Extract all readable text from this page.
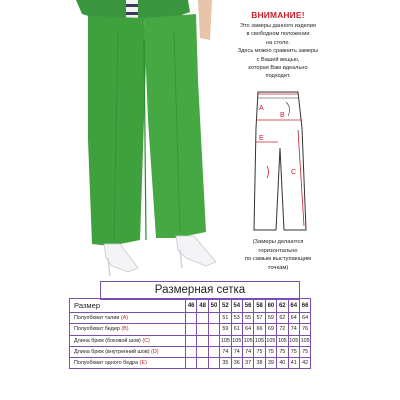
ВНИМАНИЕ!
Это замеры данного изделия
в свободном положении
на столе.
Здесь можно сравнить замеры
с Вашей вещью,
которая Вам идеально
подходит.
A
B
E
C
(Замеры делаются
горизонтально
по самым выступающим
точкам)
Размерная сетка
Размер	46	48	50	52	54	56	58	60	62	64	66
Полуобхват талии (A)				51	53	55	57	59	62	64	64
Полуобхват бедер (B)				59	61	64	66	69	72	74	76
Длина брюк (боковой шов) (C)				105	105	105	105	105	105	105	105
Длина брюк (внутренний шов) (D)				74	74	74	75	75	75	75	75
Полуобхват одного бедра (E)				35	36	37	38	39	40	41	42
